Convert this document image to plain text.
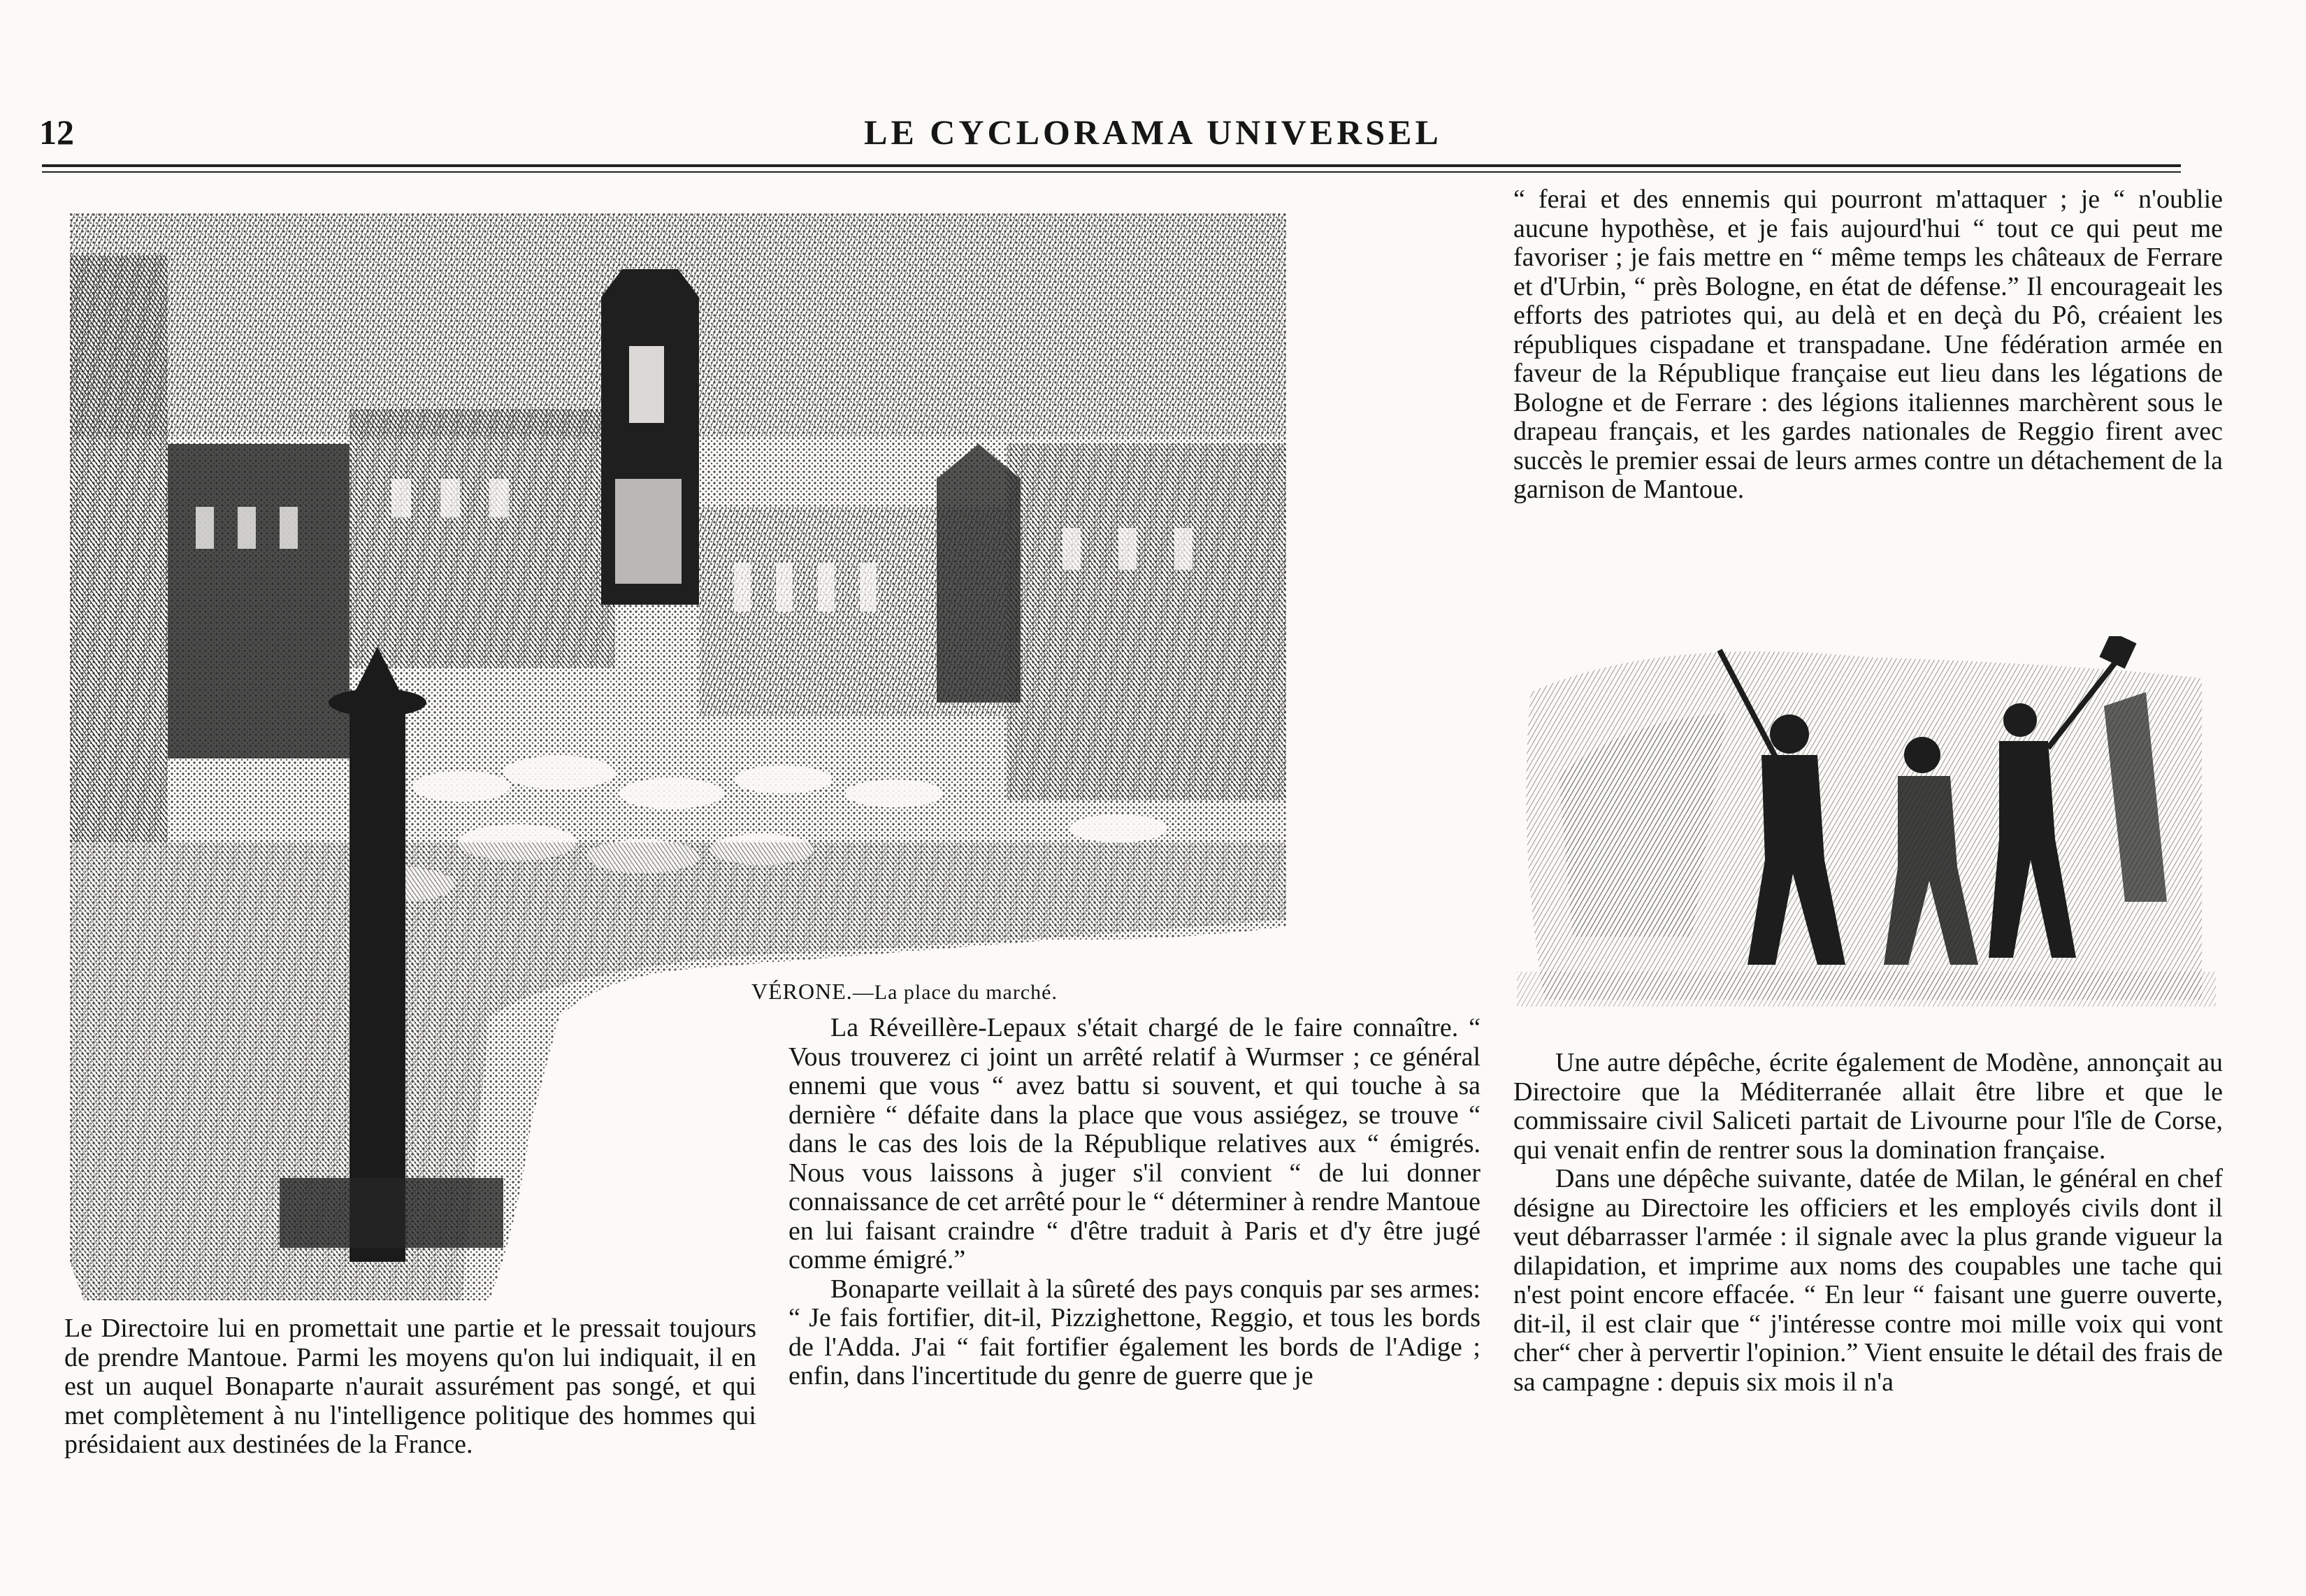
12	LE CYCLORAMA UNIVERSEL
VÉRONE.—La place du marché.

Le Directoire lui en promettait une partie et le pressait toujours de prendre Mantoue. Parmi les moyens qu'on lui indiquait, il en est un auquel Bonaparte n'aurait assurément pas songé, et qui met complètement à nu l'intelligence politique des hommes qui présidaient aux destinées de la France.

La Réveillère-Lepaux s'était chargé de le faire connaître. “ Vous trouverez ci joint un arrêté relatif à Wurmser ; ce général ennemi que vous “ avez battu si souvent, et qui touche à sa dernière “ défaite dans la place que vous assiégez, se trouve “ dans le cas des lois de la République relatives aux “ émigrés. Nous vous laissons à juger s'il convient “ de lui donner connaissance de cet arrêté pour le “ déterminer à rendre Mantoue en lui faisant craindre “ d'être traduit à Paris et d'y être jugé comme émigré.”

Bonaparte veillait à la sûreté des pays conquis par ses armes: “ Je fais fortifier, dit-il, Pizzighettone, Reggio, et tous les bords de l'Adda. J'ai “ fait fortifier également les bords de l'Adige ; enfin, dans l'incertitude du genre de guerre que je

“ ferai et des ennemis qui pourront m'attaquer ; je “ n'oublie aucune hypothèse, et je fais aujourd'hui “ tout ce qui peut me favoriser ; je fais mettre en “ même temps les châteaux de Ferrare et d'Urbin, “ près Bologne, en état de défense.” Il encourageait les efforts des patriotes qui, au delà et en deçà du Pô, créaient les républiques cispadane et transpadane. Une fédération armée en faveur de la République française eut lieu dans les légations de Bologne et de Ferrare : des légions italiennes marchèrent sous le drapeau français, et les gardes nationales de Reggio firent avec succès le premier essai de leurs armes contre un détachement de la garnison de Mantoue.

Une autre dépêche, écrite également de Modène, annonçait au Directoire que la Méditerranée allait être libre et que le commissaire civil Saliceti partait de Livourne pour l'île de Corse, qui venait enfin de rentrer sous la domination française.

Dans une dépêche suivante, datée de Milan, le général en chef désigne au Directoire les officiers et les employés civils dont il veut débarrasser l'armée : il signale avec la plus grande vigueur la dilapidation, et imprime aux noms des coupables une tache qui n'est point encore effacée. “ En leur “ faisant une guerre ouverte, dit-il, il est clair que “ j'intéresse contre moi mille voix qui vont cher“ cher à pervertir l'opinion.” Vient ensuite le détail des frais de sa campagne : depuis six mois il n'a
